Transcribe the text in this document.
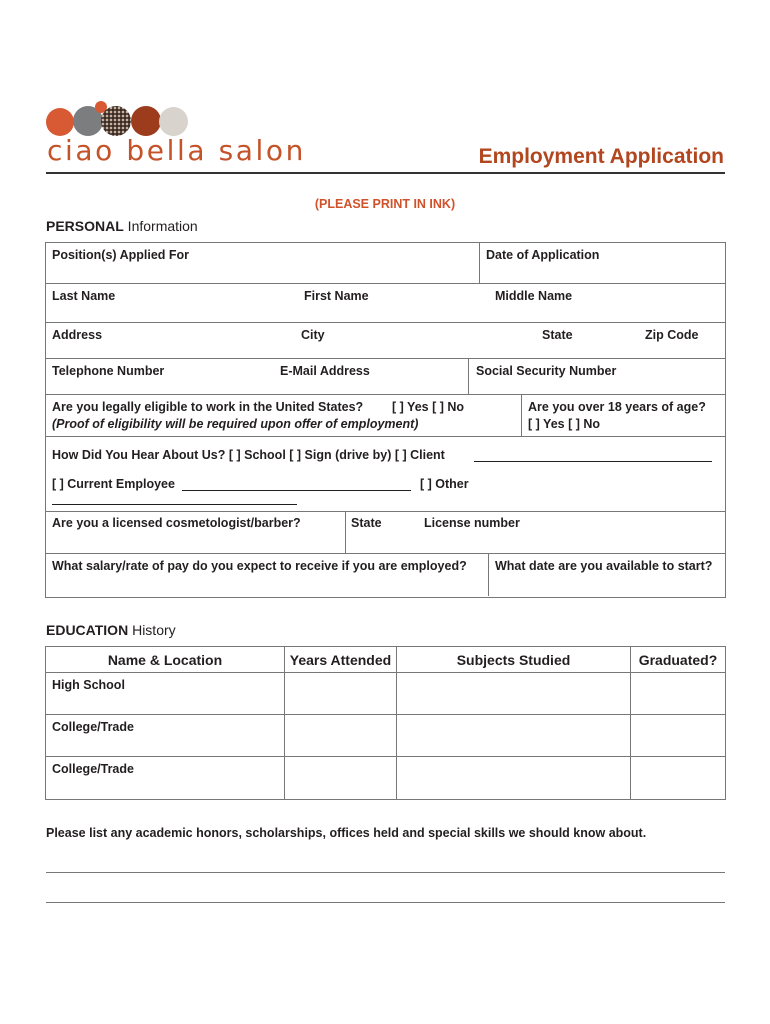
ciao bella salon	Employment Application
(PLEASE PRINT IN INK)
PERSONAL Information
Position(s) Applied For	Date of Application
Last Name	First Name	Middle Name
Address	City	State	Zip Code
Telephone Number	E-Mail Address	Social Security Number
Are you legally eligible to work in the United States? [ ] Yes [ ] No
(Proof of eligibility will be required upon offer of employment)
Are you over 18 years of age?
[ ] Yes [ ] No
How Did You Hear About Us? [ ] School [ ] Sign (drive by) [ ] Client
[ ] Current Employee	[ ] Other
Are you a licensed cosmetologist/barber?	State	License number
What salary/rate of pay do you expect to receive if you are employed? What date are you available to start?
EDUCATION History
Name & Location	Years Attended	Subjects Studied	Graduated?
High School
College/Trade
College/Trade
Please list any academic honors, scholarships, offices held and special skills we should know about.
